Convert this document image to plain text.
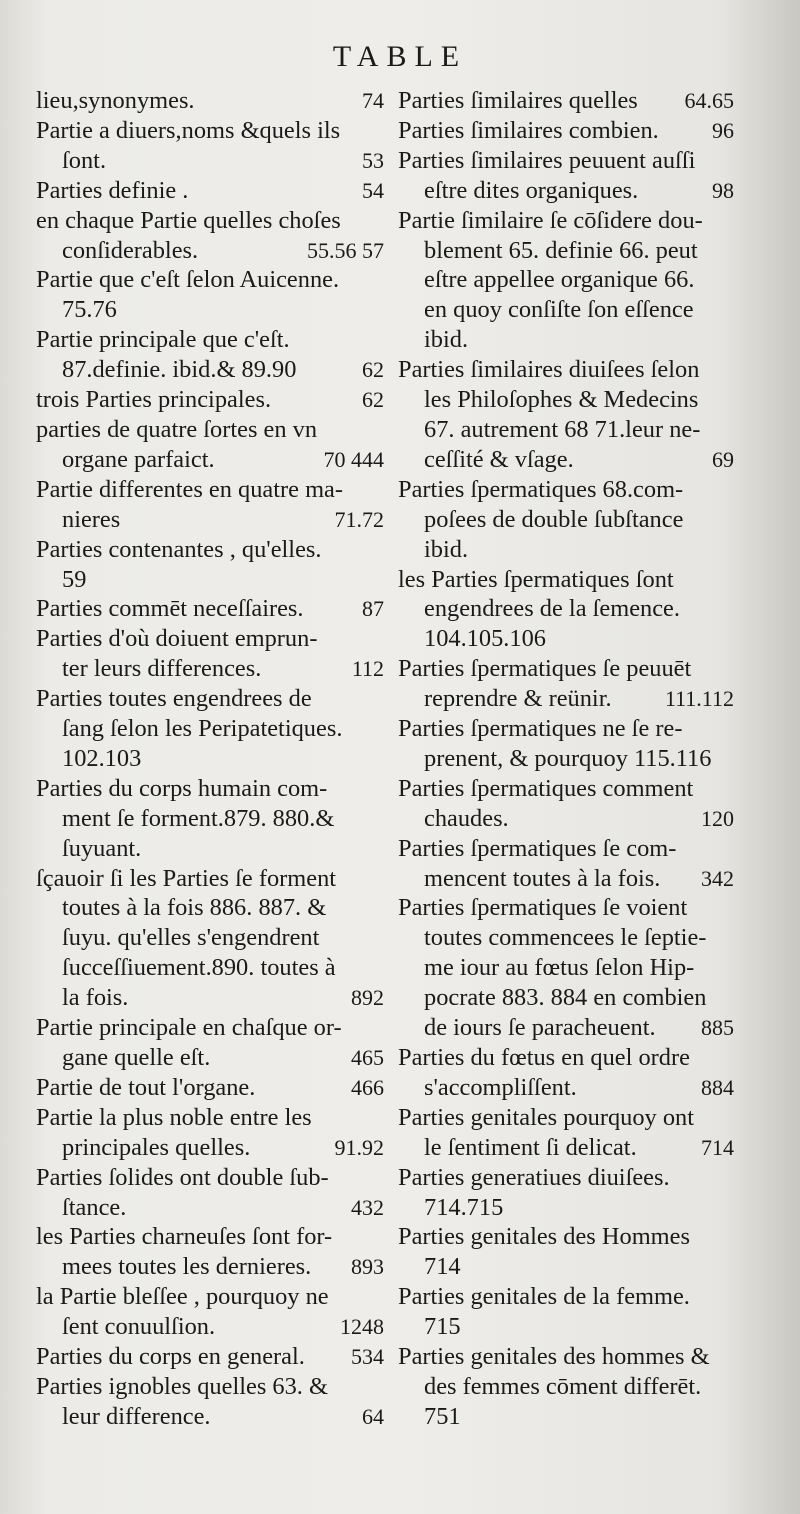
TABLE
lieu,synonymes.	74
Partie a diuers,noms &quels ils
ſont.	53
Parties definie .	54
en chaque Partie quelles choſes
conſiderables.	55.56 57
Partie que c'eſt ſelon Auicenne.
75.76
Partie principale que c'eſt.
87.definie. ibid.& 89.90	62
trois Parties principales.	62
parties de quatre ſortes en vn
organe parfaict.	70 444
Partie differentes en quatre ma-
nieres	71.72
Parties contenantes , qu'elles.
59
Parties commēt neceſſaires.	87
Parties d'où doiuent emprun-
ter leurs differences.	112
Parties toutes engendrees de
ſang ſelon les Peripatetiques.
102.103
Parties du corps humain com-
ment ſe forment.879. 880.&
ſuyuant.
ſçauoir ſi les Parties ſe forment
toutes à la fois 886. 887. &
ſuyu. qu'elles s'engendrent
ſucceſſiuement.890. toutes à
la fois.	892
Partie principale en chaſque or-
gane quelle eſt.	465
Partie de tout l'organe.	466
Partie la plus noble entre les
principales quelles.	91.92
Parties ſolides ont double ſub-
ſtance.	432
les Parties charneuſes ſont for-
mees toutes les dernieres.	893
la Partie bleſſee , pourquoy ne
ſent conuulſion.	1248
Parties du corps en general.	534
Parties ignobles quelles 63. &
leur difference.	64
Parties ſimilaires quelles	64.65
Parties ſimilaires combien.	96
Parties ſimilaires peuuent auſſi
eſtre dites organiques.	98
Partie ſimilaire ſe cōſidere dou-
blement 65. definie 66. peut
eſtre appellee organique 66.
en quoy conſiſte ſon eſſence
ibid.
Parties ſimilaires diuiſees ſelon
les Philoſophes & Medecins
67. autrement 68 71.leur ne-
ceſſité & vſage.	69
Parties ſpermatiques 68.com-
poſees de double ſubſtance
ibid.
les Parties ſpermatiques ſont
engendrees de la ſemence.
104.105.106
Parties ſpermatiques ſe peuuēt
reprendre & reünir.	111.112
Parties ſpermatiques ne ſe re-
prenent, & pourquoy 115.116
Parties ſpermatiques comment
chaudes.	120
Parties ſpermatiques ſe com-
mencent toutes à la fois.	342
Parties ſpermatiques ſe voient
toutes commencees le ſeptie-
me iour au fœtus ſelon Hip-
pocrate 883. 884 en combien
de iours ſe paracheuent.	885
Parties du fœtus en quel ordre
s'accompliſſent.	884
Parties genitales pourquoy ont
le ſentiment ſi delicat.	714
Parties generatiues diuiſees.
714.715
Parties genitales des Hommes
714
Parties genitales de la femme.
715
Parties genitales des hommes &
des femmes cōment differēt.
751
